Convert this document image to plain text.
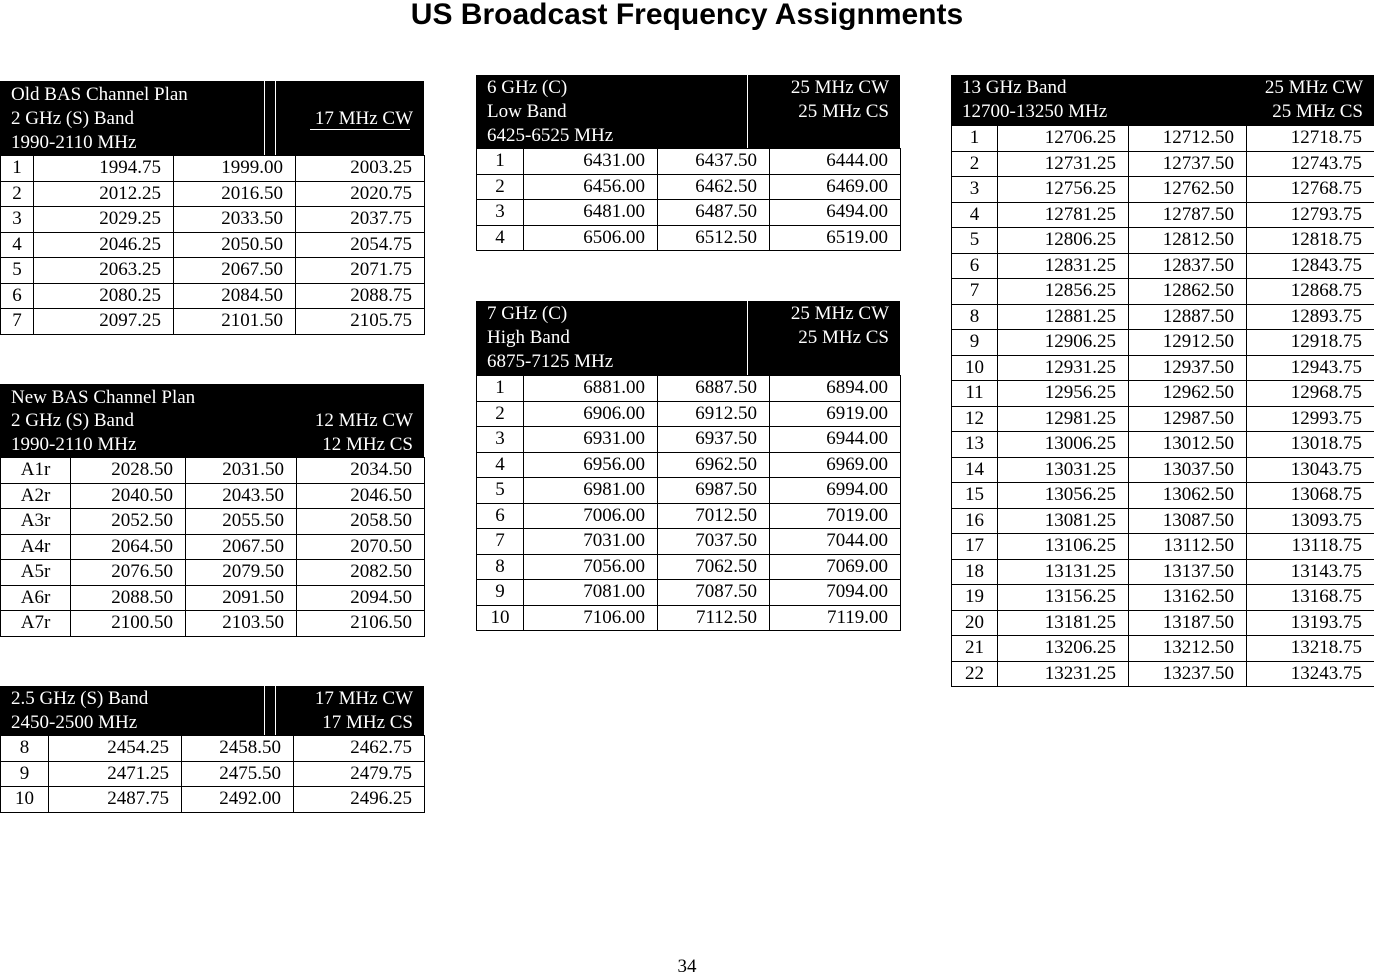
US Broadcast Frequency Assignments
Old BAS Channel Plan
2 GHz (S) Band
1990-2110 MHz
17 MHz CW
1	1994.75	1999.00	2003.25
2	2012.25	2016.50	2020.75
3	2029.25	2033.50	2037.75
4	2046.25	2050.50	2054.75
5	2063.25	2067.50	2071.75
6	2080.25	2084.50	2088.75
7	2097.25	2101.50	2105.75
New BAS Channel Plan
2 GHz (S) Band
1990-2110 MHz
12 MHz CW
12 MHz CS
A1r	2028.50	2031.50	2034.50
A2r	2040.50	2043.50	2046.50
A3r	2052.50	2055.50	2058.50
A4r	2064.50	2067.50	2070.50
A5r	2076.50	2079.50	2082.50
A6r	2088.50	2091.50	2094.50
A7r	2100.50	2103.50	2106.50
2.5 GHz (S) Band
2450-2500 MHz
17 MHz CW
17 MHz CS
8	2454.25	2458.50	2462.75
9	2471.25	2475.50	2479.75
10	2487.75	2492.00	2496.25
6 GHz (C)
Low Band
6425-6525 MHz
25 MHz CW
25 MHz CS
1	6431.00	6437.50	6444.00
2	6456.00	6462.50	6469.00
3	6481.00	6487.50	6494.00
4	6506.00	6512.50	6519.00
7 GHz (C)
High Band
6875-7125 MHz
25 MHz CW
25 MHz CS
1	6881.00	6887.50	6894.00
2	6906.00	6912.50	6919.00
3	6931.00	6937.50	6944.00
4	6956.00	6962.50	6969.00
5	6981.00	6987.50	6994.00
6	7006.00	7012.50	7019.00
7	7031.00	7037.50	7044.00
8	7056.00	7062.50	7069.00
9	7081.00	7087.50	7094.00
10	7106.00	7112.50	7119.00
13 GHz Band
12700-13250 MHz
25 MHz CW
25 MHz CS
1	12706.25	12712.50	12718.75
2	12731.25	12737.50	12743.75
3	12756.25	12762.50	12768.75
4	12781.25	12787.50	12793.75
5	12806.25	12812.50	12818.75
6	12831.25	12837.50	12843.75
7	12856.25	12862.50	12868.75
8	12881.25	12887.50	12893.75
9	12906.25	12912.50	12918.75
10	12931.25	12937.50	12943.75
11	12956.25	12962.50	12968.75
12	12981.25	12987.50	12993.75
13	13006.25	13012.50	13018.75
14	13031.25	13037.50	13043.75
15	13056.25	13062.50	13068.75
16	13081.25	13087.50	13093.75
17	13106.25	13112.50	13118.75
18	13131.25	13137.50	13143.75
19	13156.25	13162.50	13168.75
20	13181.25	13187.50	13193.75
21	13206.25	13212.50	13218.75
22	13231.25	13237.50	13243.75
34
